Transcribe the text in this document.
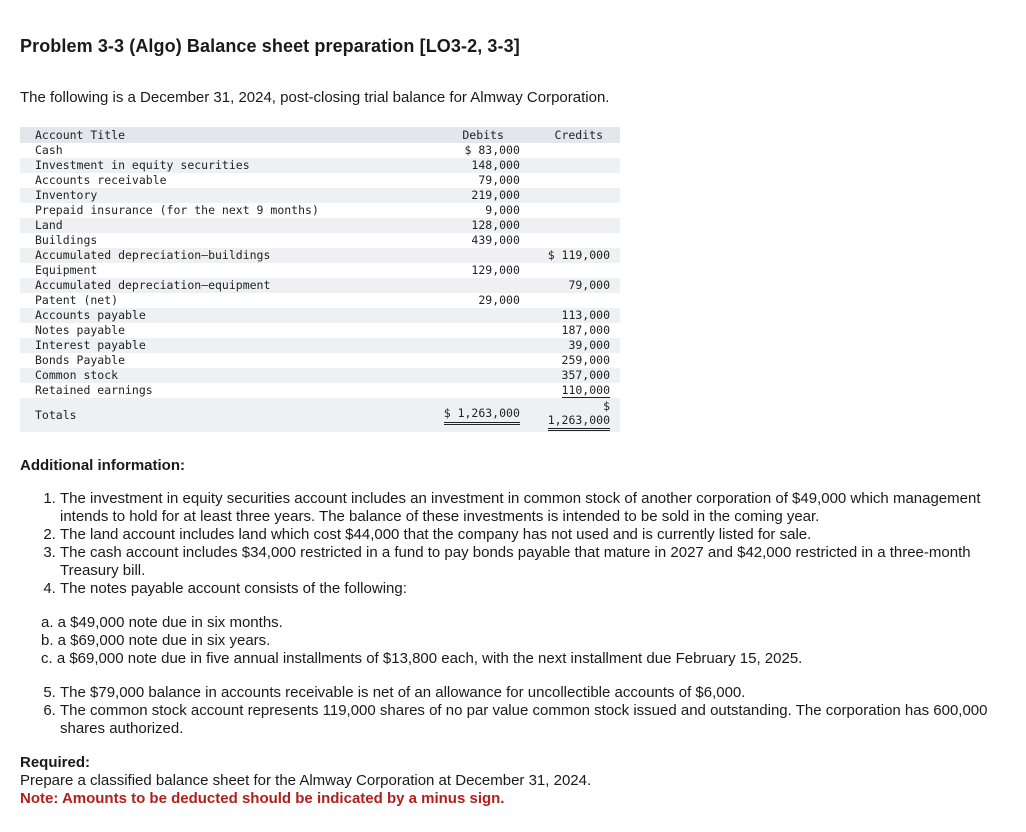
Problem 3-3 (Algo) Balance sheet preparation [LO3-2, 3-3]

The following is a December 31, 2024, post-closing trial balance for Almway Corporation.

Account Title	Debits	Credits
Cash	$ 83,000	
Investment in equity securities	148,000	
Accounts receivable	79,000	
Inventory	219,000	
Prepaid insurance (for the next 9 months)	9,000	
Land	128,000	
Buildings	439,000	
Accumulated depreciation–buildings		$ 119,000
Equipment	129,000	
Accumulated depreciation–equipment		79,000
Patent (net)	29,000	
Accounts payable		113,000
Notes payable		187,000
Interest payable		39,000
Bonds Payable		259,000
Common stock		357,000
Retained earnings		110,000
Totals	$ 1,263,000	$
1,263,000
Additional information:
1. The investment in equity securities account includes an investment in common stock of another corporation of $49,000 which management intends to hold for at least three years. The balance of these investments is intended to be sold in the coming year.
2. The land account includes land which cost $44,000 that the company has not used and is currently listed for sale.
3. The cash account includes $34,000 restricted in a fund to pay bonds payable that mature in 2027 and $42,000 restricted in a three-month Treasury bill.
4. The notes payable account consists of the following:
a. a $49,000 note due in six months.
b. a $69,000 note due in six years.
c. a $69,000 note due in five annual installments of $13,800 each, with the next installment due February 15, 2025.
5. The $79,000 balance in accounts receivable is net of an allowance for uncollectible accounts of $6,000.
6. The common stock account represents 119,000 shares of no par value common stock issued and outstanding. The corporation has 600,000 shares authorized.
Required:
Prepare a classified balance sheet for the Almway Corporation at December 31, 2024.
Note: Amounts to be deducted should be indicated by a minus sign.
